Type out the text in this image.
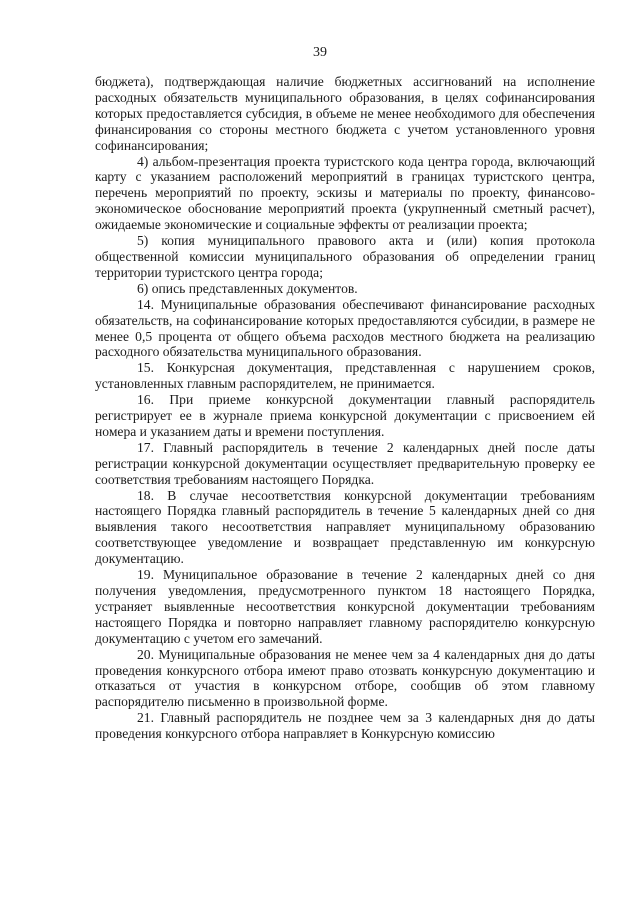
39

бюджета), подтверждающая наличие бюджетных ассигнований на исполнение расходных обязательств муниципального образования, в целях софинансирования которых предоставляется субсидия, в объеме не менее необходимого для обеспечения финансирования со стороны местного бюджета с учетом установленного уровня софинансирования;

4) альбом-презентация проекта туристского кода центра города, включающий карту с указанием расположений мероприятий в границах туристского центра, перечень мероприятий по проекту, эскизы и материалы по проекту, финансово-экономическое обоснование мероприятий проекта (укрупненный сметный расчет), ожидаемые экономические и социальные эффекты от реализации проекта;

5) копия муниципального правового акта и (или) копия протокола общественной комиссии муниципального образования об определении границ территории туристского центра города;

6) опись представленных документов.

14. Муниципальные образования обеспечивают финансирование расходных обязательств, на софинансирование которых предоставляются субсидии, в размере не менее 0,5 процента от общего объема расходов местного бюджета на реализацию расходного обязательства муниципального образования.

15. Конкурсная документация, представленная с нарушением сроков, установленных главным распорядителем, не принимается.

16. При приеме конкурсной документации главный распорядитель регистрирует ее в журнале приема конкурсной документации с присвоением ей номера и указанием даты и времени поступления.

17. Главный распорядитель в течение 2 календарных дней после даты регистрации конкурсной документации осуществляет предварительную проверку ее соответствия требованиям настоящего Порядка.

18. В случае несоответствия конкурсной документации требованиям настоящего Порядка главный распорядитель в течение 5 календарных дней со дня выявления такого несоответствия направляет муниципальному образованию соответствующее уведомление и возвращает представленную им конкурсную документацию.

19. Муниципальное образование в течение 2 календарных дней со дня получения уведомления, предусмотренного пунктом 18 настоящего Порядка, устраняет выявленные несоответствия конкурсной документации требованиям настоящего Порядка и повторно направляет главному распорядителю конкурсную документацию с учетом его замечаний.

20. Муниципальные образования не менее чем за 4 календарных дня до даты проведения конкурсного отбора имеют право отозвать конкурсную документацию и отказаться от участия в конкурсном отборе, сообщив об этом главному распорядителю письменно в произвольной форме.

21. Главный распорядитель не позднее чем за 3 календарных дня до даты проведения конкурсного отбора направляет в Конкурсную комиссию
